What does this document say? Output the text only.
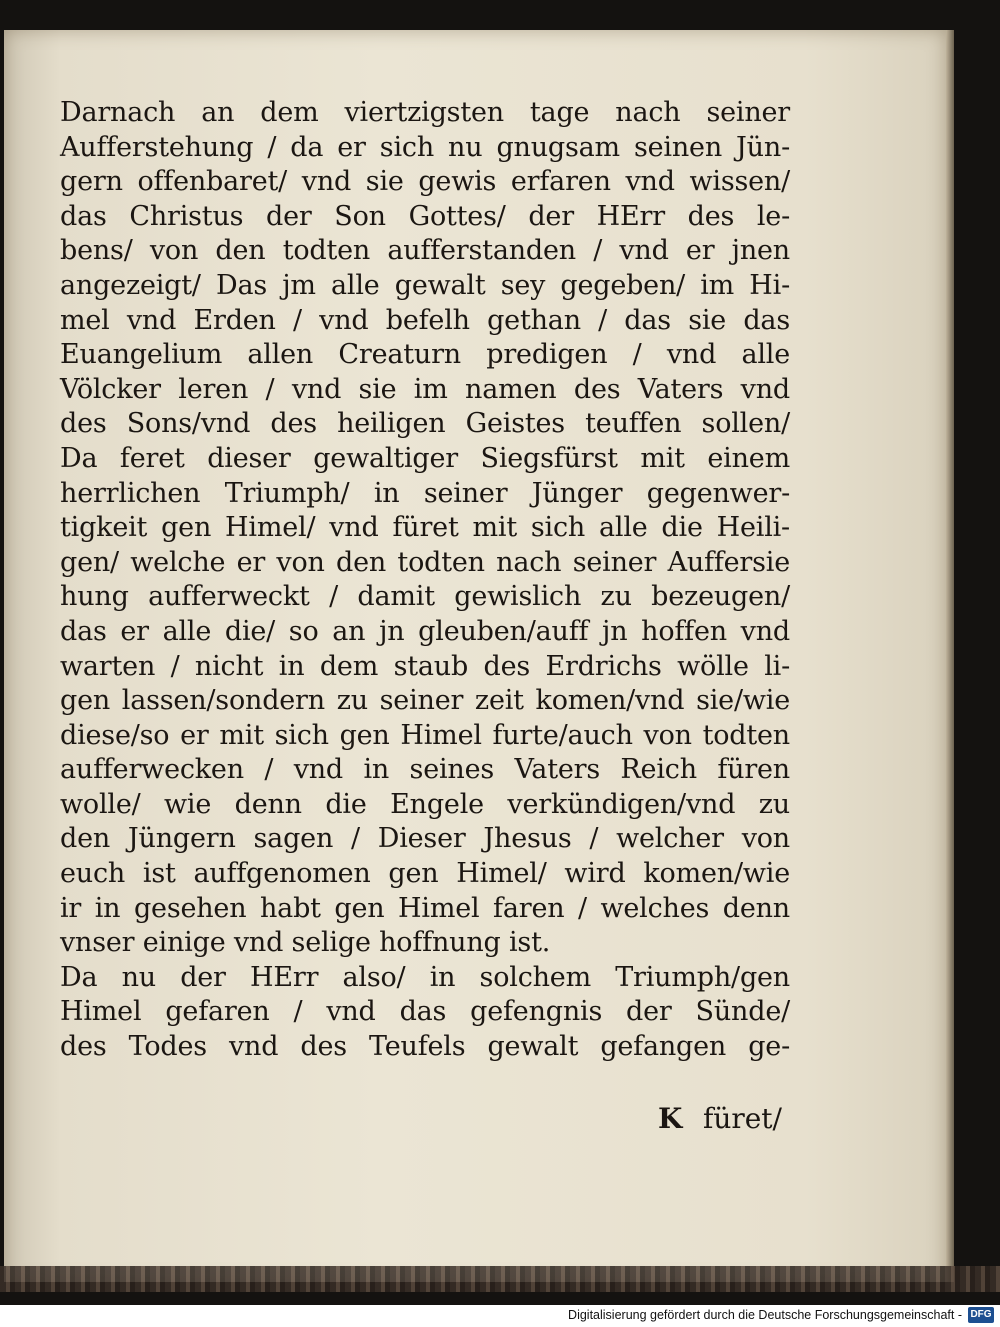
Darnach an dem viertzigsten tage nach seiner
Aufferstehung / da er sich nu gnugsam seinen Jün-
gern offenbaret/ vnd sie gewis erfaren vnd wissen/
das Christus der Son Gottes/ der HErr des le-
bens/ von den todten aufferstanden / vnd er jnen
angezeigt/ Das jm alle gewalt sey gegeben/ im Hi-
mel vnd Erden / vnd befelh gethan / das sie das
Euangelium allen Creaturn predigen / vnd alle
Völcker leren / vnd sie im namen des Vaters vnd
des Sons/vnd des heiligen Geistes teuffen sollen/
Da feret dieser gewaltiger Siegsfürst mit einem
herrlichen Triumph/ in seiner Jünger gegenwer-
tigkeit gen Himel/ vnd füret mit sich alle die Heili-
gen/ welche er von den todten nach seiner Auffersie
hung aufferweckt / damit gewislich zu bezeugen/
das er alle die/ so an jn gleuben/auff jn hoffen vnd
warten / nicht in dem staub des Erdrichs wölle li-
gen lassen/sondern zu seiner zeit komen/vnd sie/wie
diese/so er mit sich gen Himel furte/auch von todten
aufferwecken / vnd in seines Vaters Reich füren
wolle/ wie denn die Engele verkündigen/vnd zu
den Jüngern sagen / Dieser Jhesus / welcher von
euch ist auffgenomen gen Himel/ wird komen/wie
ir in gesehen habt gen Himel faren / welches denn
vnser einige vnd selige hoffnung ist.
Da nu der HErr also/ in solchem Triumph/gen
Himel gefaren / vnd das gefengnis der Sünde/
des Todes vnd des Teufels gewalt gefangen ge-
K füret/
Digitalisierung gefördert durch die Deutsche Forschungsgemeinschaft - DFG
